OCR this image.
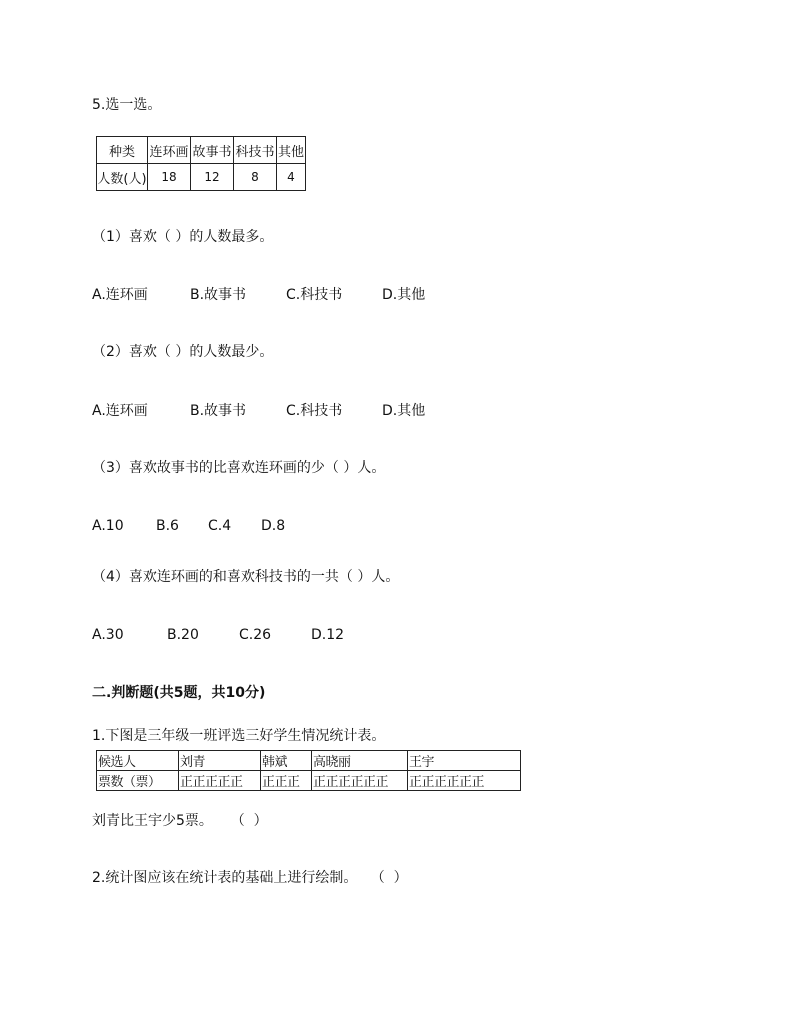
5.选一选。
种类	连环画	故事书	科技书	其他
人数(人)	18	12	8	4
（1）喜欢（ ）的人数最多。
A.连环画	B.故事书	C.科技书	D.其他
（2）喜欢（ ）的人数最少。
A.连环画	B.故事书	C.科技书	D.其他
（3）喜欢故事书的比喜欢连环画的少（ ）人。
A.10 B.6 C.4 D.8
（4）喜欢连环画的和喜欢科技书的一共（ ）人。
A.30	B.20	C.26	D.12
二.判断题(共5题，共10分)
1.下图是三年级一班评选三好学生情况统计表。
候选人	刘青	韩斌	高晓丽	王宇
票数（票）	正正正正正	正正正	正正正正正正	正正正正正正
刘青比王宇少5票。    （  ）
2.统计图应该在统计表的基础上进行绘制。   （  ）
